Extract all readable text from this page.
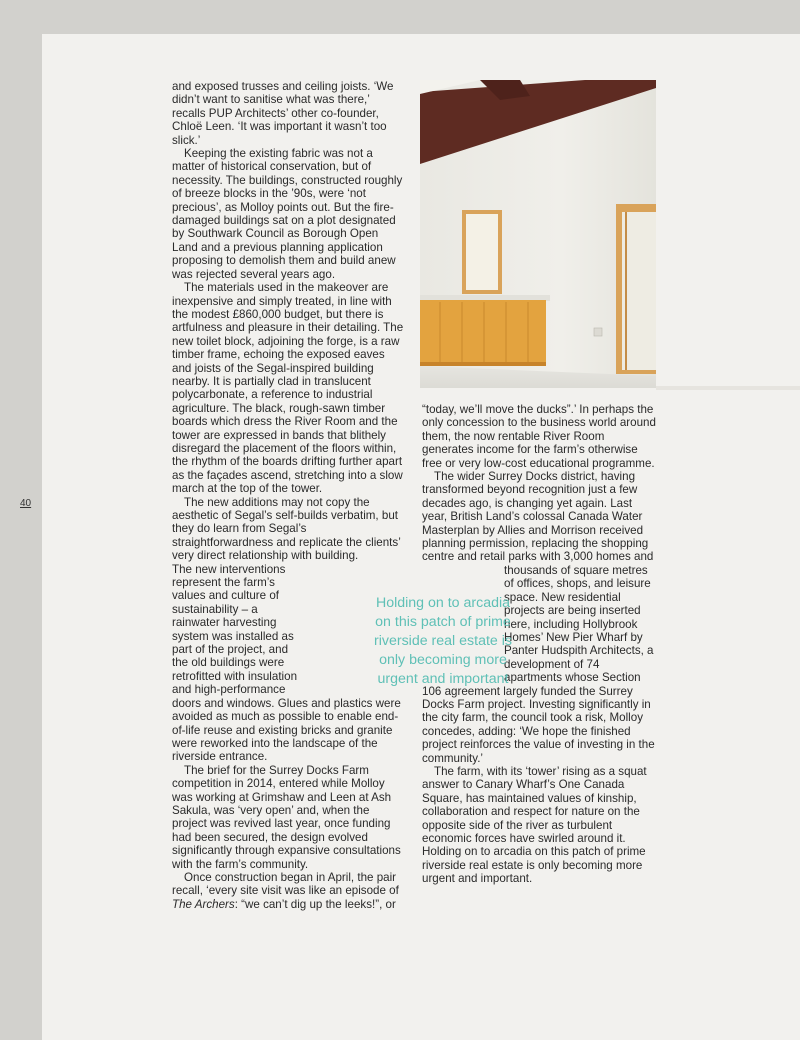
40

and exposed trusses and ceiling joists. ‘We didn’t want to sanitise what was there,’ recalls PUP Architects’ other co-founder, Chloë Leen. ‘It was important it wasn’t too slick.’

Keeping the existing fabric was not a matter of historical conservation, but of necessity. The buildings, constructed roughly of breeze blocks in the ’90s, were ‘not precious’, as Molloy points out. But the fire-damaged buildings sat on a plot designated by Southwark Council as Borough Open Land and a previous planning application proposing to demolish them and build anew was rejected several years ago.

The materials used in the makeover are inexpensive and simply treated, in line with the modest £860,000 budget, but there is artfulness and pleasure in their detailing. The new toilet block, adjoining the forge, is a raw timber frame, echoing the exposed eaves and joists of the Segal-inspired building nearby. It is partially clad in translucent polycarbonate, a reference to industrial agriculture. The black, rough-sawn timber boards which dress the River Room and the tower are expressed in bands that blithely disregard the placement of the floors within, the rhythm of the boards drifting further apart as the façades ascend, stretching into a slow march at the top of the tower.

The new additions may not copy the aesthetic of Segal’s self-builds verbatim, but they do learn from Segal’s straightforwardness and replicate the clients’ very direct relationship with building.

The new interventions represent the farm’s values and culture of sustainability – a rainwater harvesting system was installed as part of the project, and the old buildings were retrofitted with insulation and high-performance doors and windows. Glues and plastics were avoided as much as possible to enable end-of-life reuse and existing bricks and granite were reworked into the landscape of the riverside entrance.

The brief for the Surrey Docks Farm competition in 2014, entered while Molloy was working at Grimshaw and Leen at Ash Sakula, was ‘very open’ and, when the project was revived last year, once funding had been secured, the design evolved significantly through expansive consultations with the farm’s community.

Once construction began in April, the pair recall, ‘every site visit was like an episode of The Archers: “we can’t dig up the leeks!”, or

“today, we’ll move the ducks”.’ In perhaps the only concession to the business world around them, the now rentable River Room generates income for the farm’s otherwise free or very low-cost educational programme.

The wider Surrey Docks district, having transformed beyond recognition just a few decades ago, is changing yet again. Last year, British Land’s colossal Canada Water Masterplan by Allies and Morrison received planning permission, replacing the shopping centre and retail parks with 3,000 homes
and thousands of square metres of offices, shops, and leisure space. New residential projects are being inserted here, including Hollybrook Homes’ New Pier Wharf by Panter Hudspith Architects, a development of 74 apartments whose Section 106 agreement largely funded the Surrey Docks Farm project. Investing significantly in the city farm, the council took a risk, Molloy concedes, adding: ‘We hope the finished project reinforces the value of investing in the community.’

The farm, with its ‘tower’ rising as a squat answer to Canary Wharf’s One Canada Square, has maintained values of kinship, collaboration and respect for nature on the opposite side of the river as turbulent economic forces have swirled around it. Holding on to arcadia on this patch of prime riverside real estate is only becoming more urgent and important.

Holding on to arcadia on this patch of prime riverside real estate is only becoming more urgent and important
